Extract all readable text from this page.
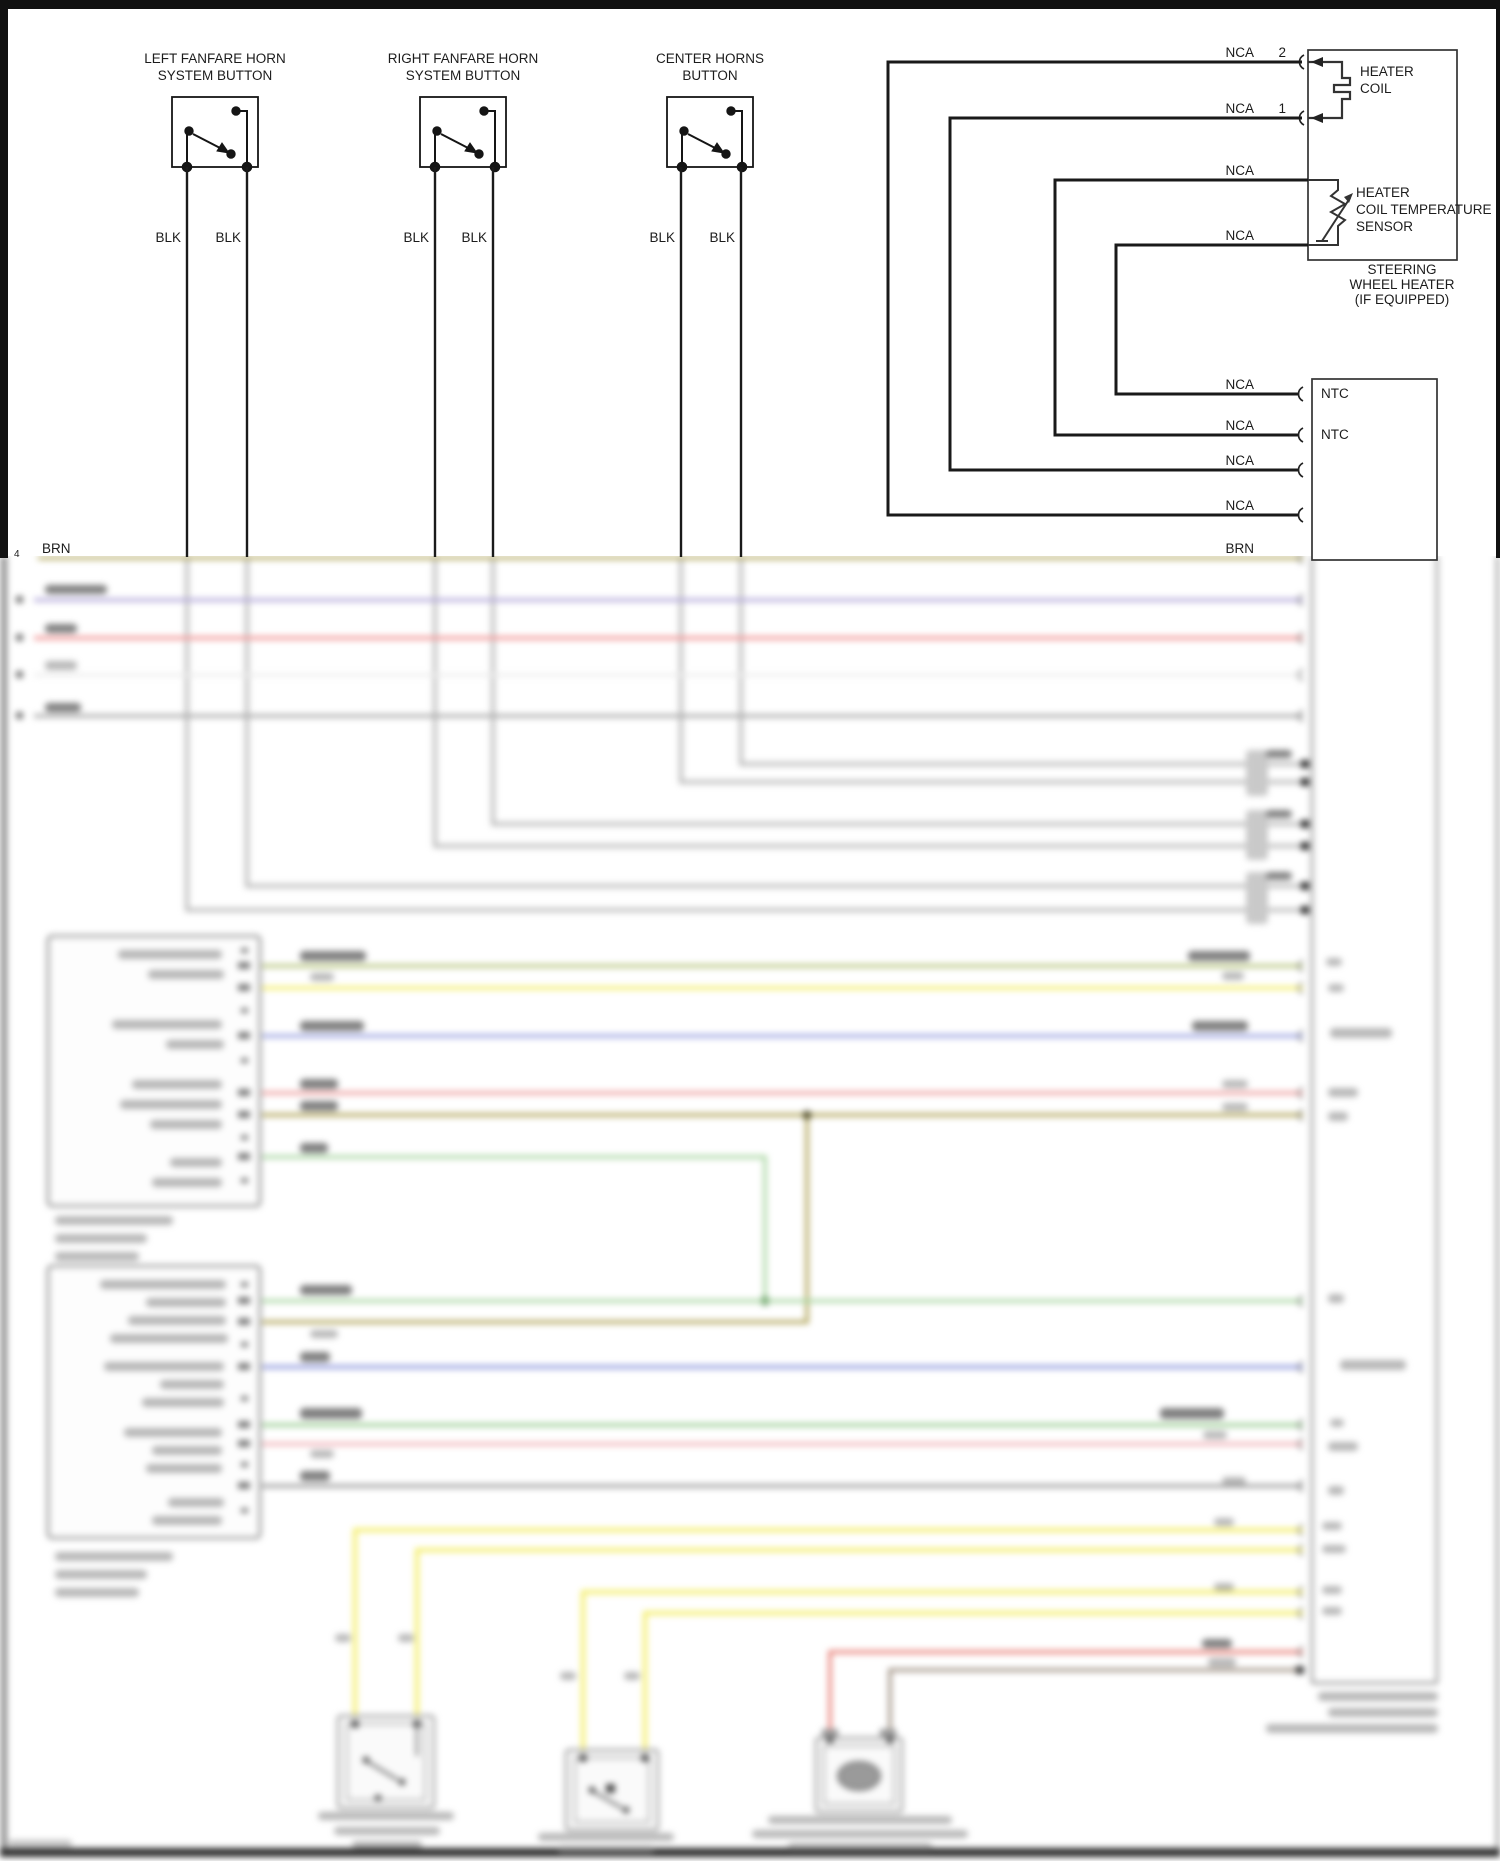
LEFT FANFARE HORN
SYSTEM BUTTON
RIGHT FANFARE HORN
SYSTEM BUTTON
CENTER HORNS
BUTTON
BLK	BLK	BLK	BLK	BLK	BLK
NCA
NCA
NCA
NCA
NCA
NCA
NCA
NCA
2
1
HEATER
COIL
HEATER
COIL TEMPERATURE
SENSOR
STEERING
WHEEL HEATER
(IF EQUIPPED)
NTC
NTC
BRN	BRN
4
